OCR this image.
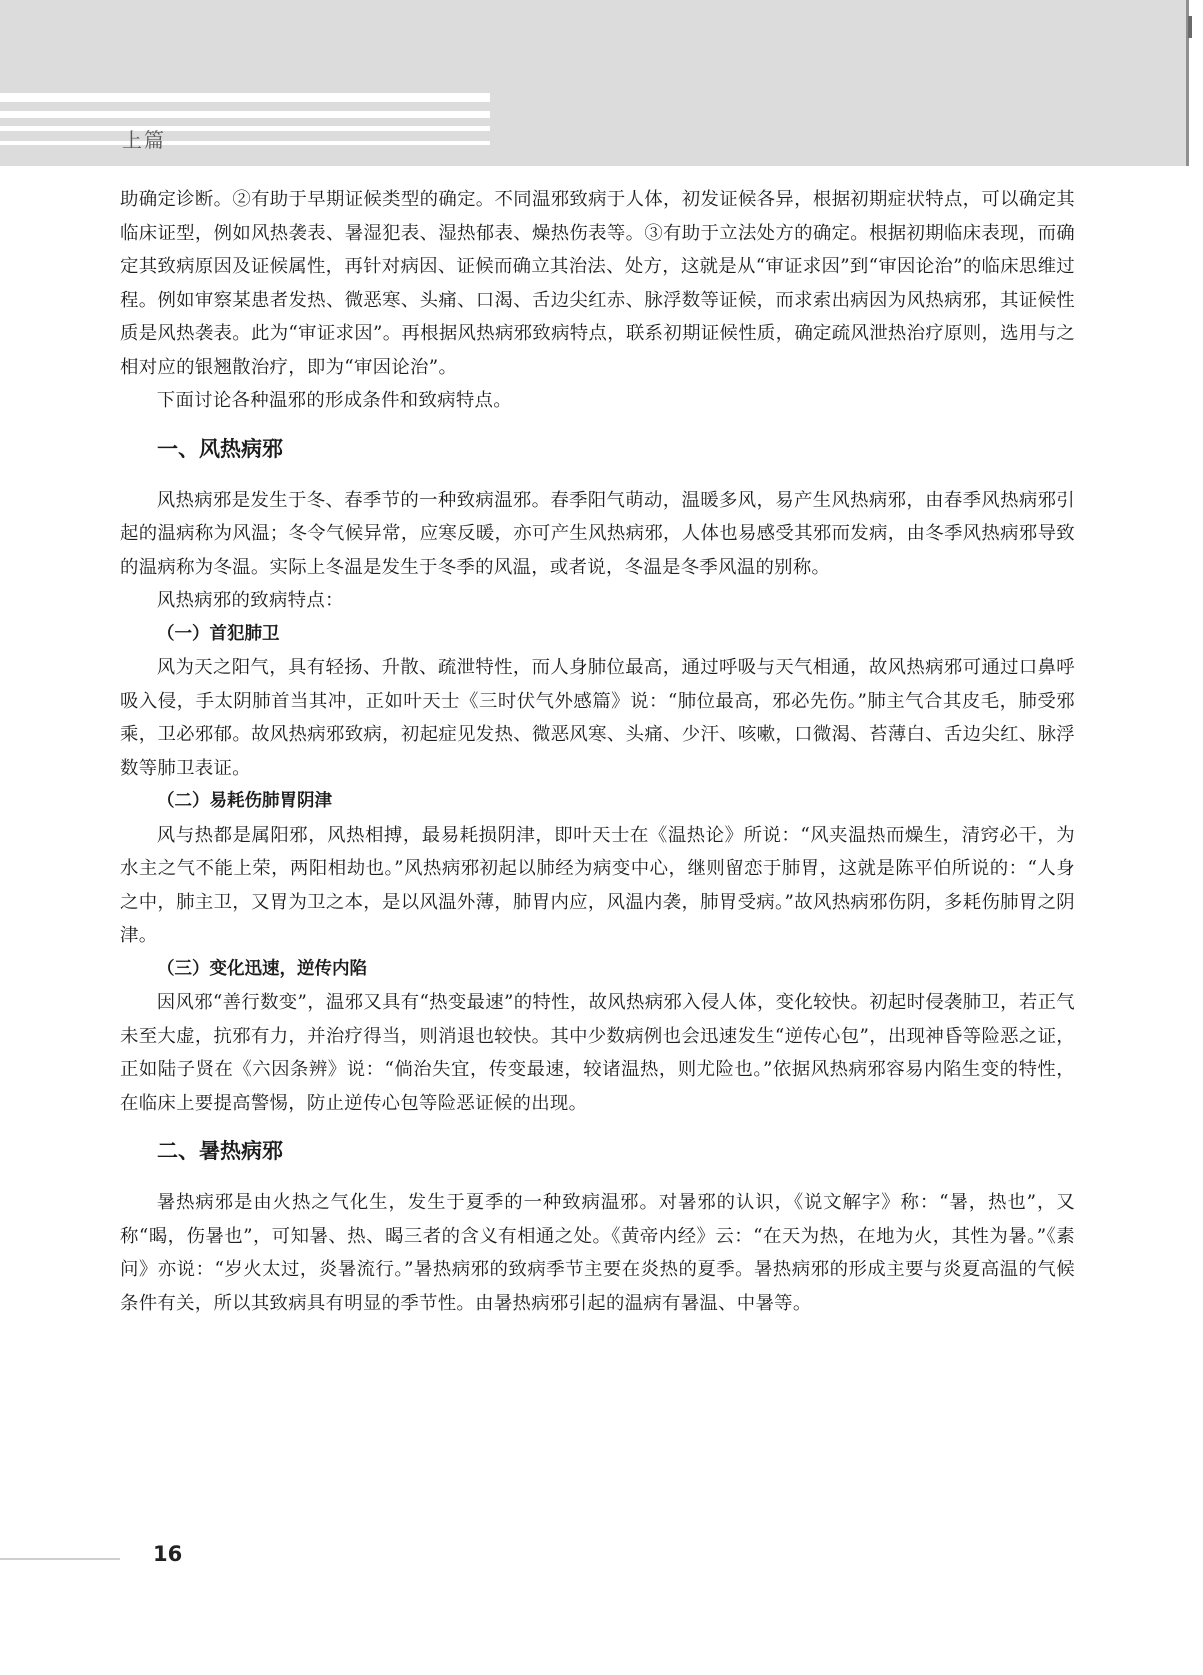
上篇

助确定诊断。②有助于早期证候类型的确定。不同温邪致病于人体，初发证候各异，根据初期症状特点，可以确定其临床证型，例如风热袭表、暑湿犯表、湿热郁表、燥热伤表等。③有助于立法处方的确定。根据初期临床表现，而确定其致病原因及证候属性，再针对病因、证候而确立其治法、处方，这就是从“审证求因”到“审因论治”的临床思维过程。例如审察某患者发热、微恶寒、头痛、口渴、舌边尖红赤、脉浮数等证候，而求索出病因为风热病邪，其证候性质是风热袭表。此为“审证求因”。再根据风热病邪致病特点，联系初期证候性质，确定疏风泄热治疗原则，选用与之相对应的银翘散治疗，即为“审因论治”。

下面讨论各种温邪的形成条件和致病特点。

一、风热病邪

风热病邪是发生于冬、春季节的一种致病温邪。春季阳气萌动，温暖多风，易产生风热病邪，由春季风热病邪引起的温病称为风温；冬令气候异常，应寒反暖，亦可产生风热病邪，人体也易感受其邪而发病，由冬季风热病邪导致的温病称为冬温。实际上冬温是发生于冬季的风温，或者说，冬温是冬季风温的别称。

风热病邪的致病特点：

（一）首犯肺卫

风为天之阳气，具有轻扬、升散、疏泄特性，而人身肺位最高，通过呼吸与天气相通，故风热病邪可通过口鼻呼吸入侵，手太阴肺首当其冲，正如叶天士《三时伏气外感篇》说：“肺位最高，邪必先伤。”肺主气合其皮毛，肺受邪乘，卫必邪郁。故风热病邪致病，初起症见发热、微恶风寒、头痛、少汗、咳嗽，口微渴、苔薄白、舌边尖红、脉浮数等肺卫表证。

（二）易耗伤肺胃阴津

风与热都是属阳邪，风热相搏，最易耗损阴津，即叶天士在《温热论》所说：“风夹温热而燥生，清窍必干，为水主之气不能上荣，两阳相劫也。”风热病邪初起以肺经为病变中心，继则留恋于肺胃，这就是陈平伯所说的：“人身之中，肺主卫，又胃为卫之本，是以风温外薄，肺胃内应，风温内袭，肺胃受病。”故风热病邪伤阴，多耗伤肺胃之阴津。

（三）变化迅速，逆传内陷

因风邪“善行数变”，温邪又具有“热变最速”的特性，故风热病邪入侵人体，变化较快。初起时侵袭肺卫，若正气未至大虚，抗邪有力，并治疗得当，则消退也较快。其中少数病例也会迅速发生“逆传心包”，出现神昏等险恶之证，正如陆子贤在《六因条辨》说：“倘治失宜，传变最速，较诸温热，则尤险也。”依据风热病邪容易内陷生变的特性，在临床上要提高警惕，防止逆传心包等险恶证候的出现。

二、暑热病邪

暑热病邪是由火热之气化生，发生于夏季的一种致病温邪。对暑邪的认识，《说文解字》称：“暑，热也”，又称“暍，伤暑也”，可知暑、热、暍三者的含义有相通之处。《黄帝内经》云：“在天为热，在地为火，其性为暑。”《素问》亦说：“岁火太过，炎暑流行。”暑热病邪的致病季节主要在炎热的夏季。暑热病邪的形成主要与炎夏高温的气候条件有关，所以其致病具有明显的季节性。由暑热病邪引起的温病有暑温、中暑等。

16
